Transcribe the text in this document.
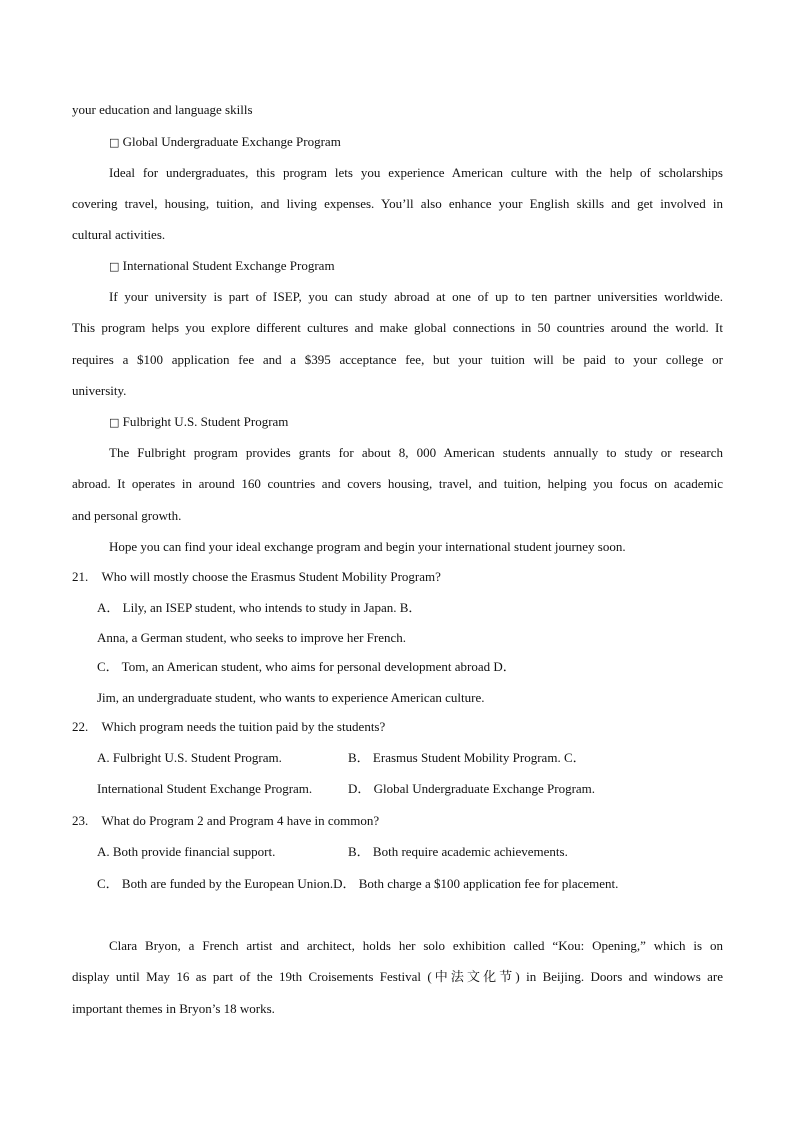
your education and language skills
□ Global Undergraduate Exchange Program
Ideal for undergraduates, this program lets you experience American culture with the help of scholarships
covering travel, housing, tuition, and living expenses. You’ll also enhance your English skills and get involved in
cultural activities.
□ International Student Exchange Program
If your university is part of ISEP, you can study abroad at one of up to ten partner universities worldwide.
This program helps you explore different cultures and make global connections in 50 countries around the world. It
requires a $100 application fee and a $395 acceptance fee, but your tuition will be paid to your college or
university.
□ Fulbright U.S. Student Program
The Fulbright program provides grants for about 8, 000 American students annually to study or research
abroad. It operates in around 160 countries and covers housing, travel, and tuition, helping you focus on academic
and personal growth.
Hope you can find your ideal exchange program and begin your international student journey soon.
21. Who will mostly choose the Erasmus Student Mobility Program?
A． Lily, an ISEP student, who intends to study in Japan. B．
Anna, a German student, who seeks to improve her French.
C． Tom, an American student, who aims for personal development abroad D．
Jim, an undergraduate student, who wants to experience American culture.
22. Which program needs the tuition paid by the students?
A. Fulbright U.S. Student Program.	B． Erasmus Student Mobility Program. C．
International Student Exchange Program.	D． Global Undergraduate Exchange Program.
23. What do Program 2 and Program 4 have in common?
A. Both provide financial support.	B． Both require academic achievements.
C． Both are funded by the European Union.D． Both charge a $100 application fee for placement.
Clara Bryon, a French artist and architect, holds her solo exhibition called “Kou: Opening,” which is on
display until May 16 as part of the 19th Croisements Festival (中法文化节) in Beijing. Doors and windows are
important themes in Bryon’s 18 works.
